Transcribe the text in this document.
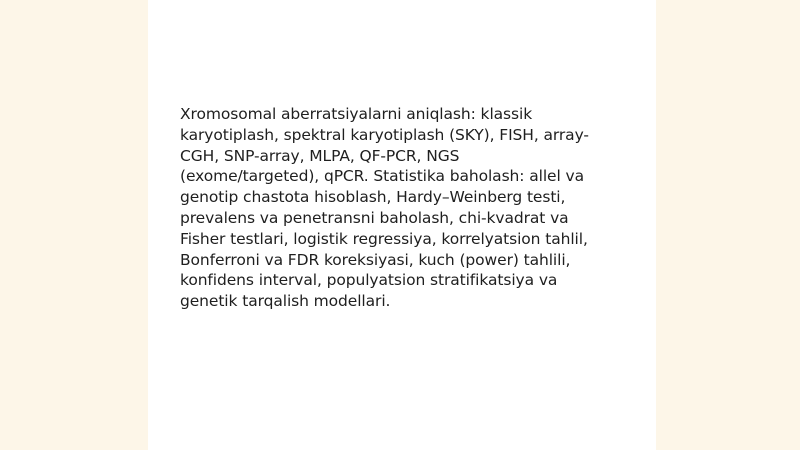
Xromosomal aberratsiyalarni aniqlash: klassik
karyotiplash, spektral karyotiplash (SKY), FISH, array-
CGH, SNP-array, MLPA, QF-PCR, NGS
(exome/targeted), qPCR. Statistika baholash: allel va
genotip chastota hisoblash, Hardy–Weinberg testi,
prevalens va penetransni baholash, chi-kvadrat va
Fisher testlari, logistik regressiya, korrelyatsion tahlil,
Bonferroni va FDR koreksiyasi, kuch (power) tahlili,
konfidens interval, populyatsion stratifikatsiya va
genetik tarqalish modellari.
